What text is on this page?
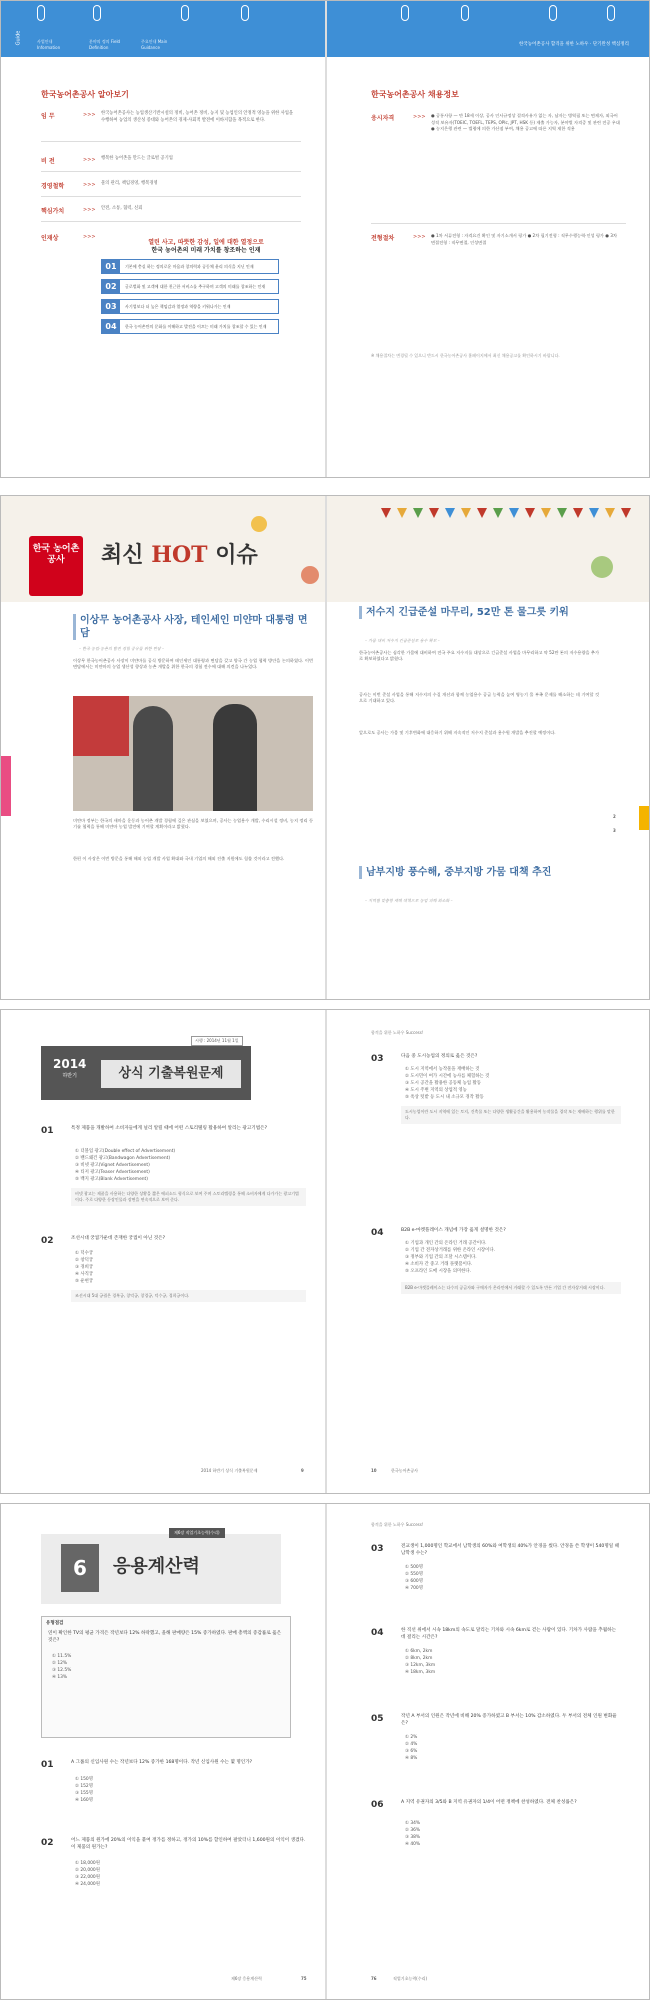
Guide	사업안내 Information
분야의 정의 Field Definition
주요안내 Main Guidance
한국농어촌공사 합격을 위한 노하우 · 단기완성 핵심정리
한국농어촌공사 알아보기
임 무	>>> 한국농어촌공사는 농업생산기반시설의 정비, 농어촌 정비, 농지 및 농업인의 안정적 영농을 위한 사업을 수행하여 농업의 생산성 증대와 농어촌의 경제·사회적 발전에 이바지함을 목적으로 한다.
비 전	>>> 행복한 농어촌을 만드는 글로벌 공기업
경영철학	>>> 물의 관리, 책임경영, 행복경영
핵심가치	>>> 안전, 소통, 협력, 신뢰
인재상	>>>
열린 사고, 따뜻한 감성, 일에 대한 열정으로
한국 농어촌의 미래 가치를 창조하는 인재
01	기본에 충실 하는 정의로운 마음과 창의력과 공동체 윤리 의식을 지닌 인재
02	글로벌화 및 고객에 대한 친근한 서비스를 추구하며 고객의 미래를 창조하는 인재
03	사기업보다 더 높은 책임감과 열정과 역량을 키워나가는 인재
04	한국 농어촌만의 문화를 이해하고 발전을 이끄는 미래 가치를 창조할 수 있는 인재
한국농어촌공사 채용정보
응시자격	>>> ● 공통사항 — 만 18세 이상, 공사 인사규정상 결격사유가 없는 자, 남자는 병역필 또는 면제자, 외국어 성적 보유자(TOEIC, TOEFL, TEPS, OPIc, JPT, HSK 등) 제출 가능자, 분야별 자격증 및 관련 전공 우대 ● 농지은행 관련 — 법령에 의한 가산점 부여, 채용 공고에 따른 지역 제한 적용
전형절차	>>> ● 1차 서류전형 : 자격요건 확인 및 자기소개서 평가 ● 2차 필기전형 : 직무수행능력·인성 평가 ● 3차 면접전형 : 직무면접, 인성면접
※ 채용절차는 변경될 수 있으니 반드시 한국농어촌공사 홈페이지에서 최신 채용공고를 확인하시기 바랍니다.
한국 농어촌 공사	최신 HOT 이슈
이상무 농어촌공사 사장, 테인세인 미얀마 대통령 면담
– 한국 농업·농촌의 발전 경험 공유를 위한 면담 –
이상무 한국농어촌공사 사장이 미얀마를 공식 방문하여 테인세인 대통령과 면담을 갖고 양국 간 농업 협력 방안을 논의하였다. 이번 면담에서는 미얀마의 농업 생산성 향상과 농촌 개발을 위한 한국의 경험 전수에 대해 의견을 나누었다.
미얀마 정부는 한국의 새마을 운동과 농어촌 개발 경험에 깊은 관심을 보였으며, 공사는 농업용수 개발, 수리시설 정비, 농지 정리 등 기술 협력을 통해 미얀마 농업 발전에 기여할 계획이라고 밝혔다.
한편 이 사장은 이번 방문을 통해 해외 농업 개발 사업 확대와 국내 기업의 해외 진출 지원에도 힘쓸 것이라고 전했다.
저수지 긴급준설 마무리, 52만 톤 물그릇 키워
– 가뭄 대비 저수지 긴급준설로 용수 확보 –
한국농어촌공사는 심각한 가뭄에 대비하여 전국 주요 저수지를 대상으로 긴급준설 사업을 마무리하고 약 52만 톤의 저수용량을 추가로 확보하였다고 밝혔다.
공사는 이번 준설 사업을 통해 저수지의 수질 개선과 함께 농업용수 공급 능력을 높여 영농기 물 부족 문제를 해소하는 데 기여할 것으로 기대하고 있다.
앞으로도 공사는 가뭄 및 기후변화에 대응하기 위해 지속적인 저수지 준설과 용수원 개발을 추진할 예정이다.
남부지방 풍수해, 중부지방 가뭄 대책 추진
– 지역별 맞춤형 재해 대책으로 농업 피해 최소화 –
3
2
2014
하반기	상식 기출복원문제
시행 : 2014년 11월 1일
01	특정 제품을 개발하여 소비자들에게 널리 알릴 때에 어떤 스토리텔링 활용하여 알리는 광고기법은?
① 더블업 광고(Double effect of Advertisement)
② 밴드왜건 광고(Bandwagon Advertisement)
③ 비넷 광고(Vignet Advertisement)
④ 티저 광고(Teaser Advertisement)
⑤ 백지 광고(Blank Advertisement)
비넷 광고는 제품을 사용하는 다양한 상황을 짧은 에피소드 형식으로 보여 주며 스토리텔링을 통해 소비자에게 다가가는 광고기법이다. 주로 다양한 등장인물과 장면을 연속적으로 보여 준다.
02	조선시대 궁궐가운데 존재한 궁궐이 아닌 것은?
① 덕수궁
② 창덕궁
③ 경희궁
④ 사직궁
⑤ 운현궁
조선시대 5대 궁궐은 경복궁, 창덕궁, 창경궁, 덕수궁, 경희궁이다.
합격을 위한 노하우 Success!
03	다음 중 도시농업의 정의로 옳은 것은?
① 도시 지역에서 농작물을 재배하는 것
② 도시민이 여가 시간에 농사를 체험하는 것
③ 도시 공간을 활용한 공동체 농업 활동
④ 도시 주변 지역의 상업적 영농
⑤ 옥상 텃밭 등 도시 내 소규모 경작 활동
도시농업이란 도시 지역에 있는 토지, 건축물 또는 다양한 생활공간을 활용하여 농작물을 경작 또는 재배하는 행위를 말한다.
04	B2B e-마켓플레이스 개념에 가장 옳게 설명한 것은?
① 기업과 개인 간의 온라인 거래 공간이다.
② 기업 간 전자상거래를 위한 온라인 시장이다.
③ 정부와 기업 간의 조달 시스템이다.
④ 소비자 간 중고 거래 플랫폼이다.
⑤ 오프라인 도매 시장을 의미한다.
B2B e-마켓플레이스는 다수의 공급자와 구매자가 온라인에서 거래할 수 있도록 만든 기업 간 전자상거래 시장이다.
2014 하반기 상식 기출복원문제	9	10	한국농어촌공사
6	응용계산력
제6장 직업기초능력(수리)
유형점검
연이 확인한 TV의 평균 가격은 작년보다 12% 하락했고, 올해 판매량은 15% 증가하였다. 판매 총액의 증감률로 옳은 것은?
① 11.5%
② 12%
③ 12.5%
④ 13%
01	A 그룹의 신입사원 수는 작년보다 12% 증가한 168명이다. 작년 신입사원 수는 몇 명인가?
① 150명
② 152명
③ 155명
④ 160명
02	어느 제품의 원가에 20%의 이익을 붙여 정가를 정하고, 정가의 10%를 할인하여 팔았더니 1,600원의 이익이 생겼다. 이 제품의 원가는?
① 18,000원
② 20,000원
③ 22,000원
④ 24,000원
합격을 위한 노하우 Success!
03	전교생이 1,000명인 학교에서 남학생의 60%와 여학생의 40%가 안경을 썼다. 안경을 쓴 학생이 540명일 때 남학생 수는?
① 500명
② 550명
③ 600명
④ 700명
04	한 직선 위에서 시속 18km의 속도로 달리는 기차와 시속 6km로 걷는 사람이 있다. 기차가 사람을 추월하는 데 걸리는 시간은?
① 6km, 2km
② 8km, 2km
③ 12km, 3km
④ 18km, 3km
05	작년 A 부서의 인원은 작년에 비해 20% 증가하였고 B 부서는 10% 감소하였다. 두 부서의 전체 인원 변화율은?
① 2%
② 4%
③ 6%
④ 8%
06	A 지역 유권자의 3/5와 B 지역 유권자의 1/4이 어떤 정책에 찬성하였다. 전체 찬성률은?
① 34%
② 36%
③ 38%
④ 40%
제6장 응용계산력	75	76	직업기초능력(수리)
